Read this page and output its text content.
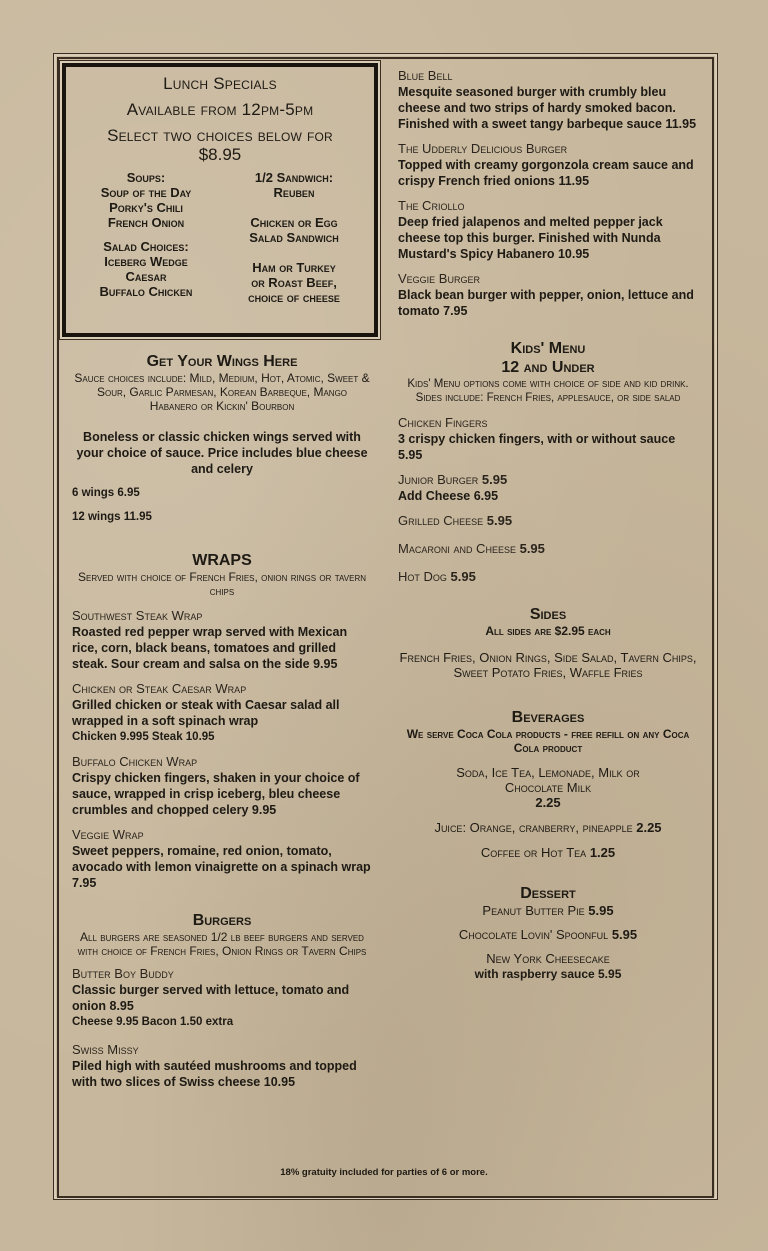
Lunch Specials
Available from 12pm-5pm
Select two choices below for
$8.95
Soups:
Soup of the Day
Porky's Chili
French Onion
Salad Choices:
Iceberg Wedge
Caesar
Buffalo Chicken
1/2 Sandwich:
Reuben
Chicken or Egg
Salad Sandwich
Ham or Turkey
or Roast Beef,
choice of cheese
Get Your Wings Here
Sauce choices include: Mild, Medium, Hot, Atomic, Sweet & Sour, Garlic Parmesan, Korean Barbeque, Mango Habanero or Kickin' Bourbon
Boneless or classic chicken wings served with your choice of sauce. Price includes blue cheese and celery
6 wings 6.95
12 wings 11.95
WRAPS
Served with choice of French Fries, onion rings or tavern chips
Southwest Steak Wrap
Roasted red pepper wrap served with Mexican rice, corn, black beans, tomatoes and grilled steak. Sour cream and salsa on the side 9.95
Chicken or Steak Caesar Wrap
Grilled chicken or steak with Caesar salad all wrapped in a soft spinach wrap
Chicken 9.995 Steak 10.95
Buffalo Chicken Wrap
Crispy chicken fingers, shaken in your choice of sauce, wrapped in crisp iceberg, bleu cheese crumbles and chopped celery 9.95
Veggie Wrap
Sweet peppers, romaine, red onion, tomato, avocado with lemon vinaigrette on a spinach wrap 7.95
Burgers
All burgers are seasoned 1/2 lb beef burgers and served with choice of French Fries, Onion Rings or Tavern Chips
Butter Boy Buddy
Classic burger served with lettuce, tomato and onion 8.95
Cheese 9.95 Bacon 1.50 extra
Swiss Missy
Piled high with sautéed mushrooms and topped with two slices of Swiss cheese 10.95
Blue Bell
Mesquite seasoned burger with crumbly bleu cheese and two strips of hardy smoked bacon. Finished with a sweet tangy barbeque sauce 11.95
The Udderly Delicious Burger
Topped with creamy gorgonzola cream sauce and crispy French fried onions 11.95
The Criollo
Deep fried jalapenos and melted pepper jack cheese top this burger. Finished with Nunda Mustard's Spicy Habanero 10.95
Veggie Burger
Black bean burger with pepper, onion, lettuce and tomato 7.95
Kids' Menu
12 and Under
Kids' Menu options come with choice of side and kid drink. Sides include: French Fries, applesauce, or side salad
Chicken Fingers
3 crispy chicken fingers, with or without sauce 5.95
Junior Burger 5.95
Add Cheese 6.95
Grilled Cheese 5.95
Macaroni and Cheese 5.95
Hot Dog 5.95
Sides
All sides are $2.95 each
French Fries, Onion Rings, Side Salad, Tavern Chips, Sweet Potato Fries, Waffle Fries
Beverages
We serve Coca Cola products - free refill on any Coca Cola product
Soda, Ice Tea, Lemonade, Milk or Chocolate Milk
2.25
Juice: Orange, cranberry, pineapple 2.25
Coffee or Hot Tea 1.25
Dessert
Peanut Butter Pie 5.95
Chocolate Lovin' Spoonful 5.95
New York Cheesecake
with raspberry sauce 5.95
18% gratuity included for parties of 6 or more.
